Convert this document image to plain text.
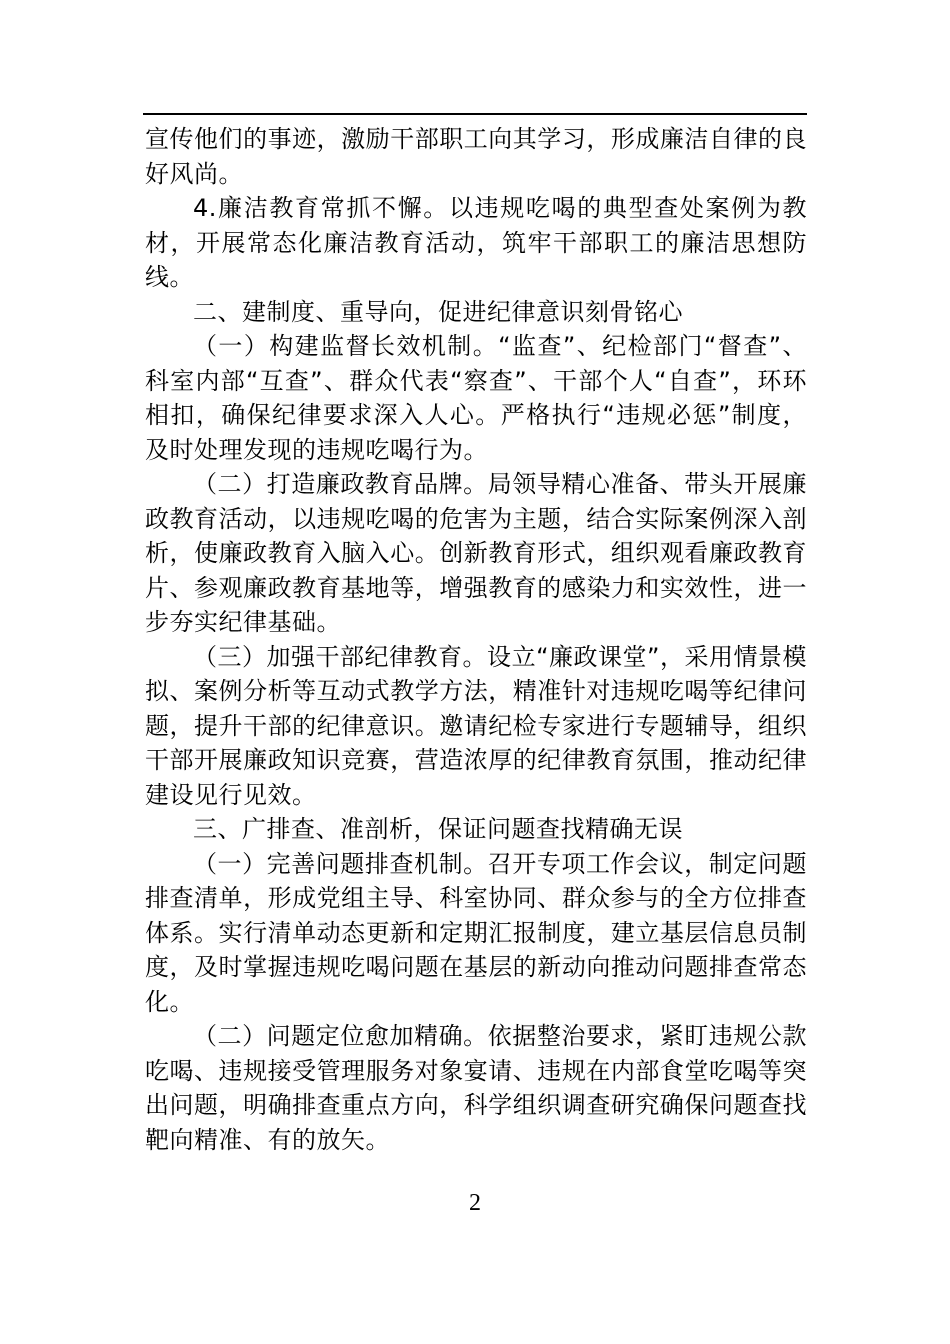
宣传他们的事迹，激励干部职工向其学习，形成廉洁自律的良好风尚。

4.廉洁教育常抓不懈。以违规吃喝的典型查处案例为教材，开展常态化廉洁教育活动，筑牢干部职工的廉洁思想防线。

二、建制度、重导向，促进纪律意识刻骨铭心

（一）构建监督长效机制。“监查”、纪检部门“督查”、科室内部“互查”、群众代表“察查”、干部个人“自查”，环环相扣，确保纪律要求深入人心。严格执行“违规必惩”制度，及时处理发现的违规吃喝行为。

（二）打造廉政教育品牌。局领导精心准备、带头开展廉政教育活动，以违规吃喝的危害为主题，结合实际案例深入剖析，使廉政教育入脑入心。创新教育形式，组织观看廉政教育片、参观廉政教育基地等，增强教育的感染力和实效性，进一步夯实纪律基础。

（三）加强干部纪律教育。设立“廉政课堂”，采用情景模拟、案例分析等互动式教学方法，精准针对违规吃喝等纪律问题，提升干部的纪律意识。邀请纪检专家进行专题辅导，组织干部开展廉政知识竞赛，营造浓厚的纪律教育氛围，推动纪律建设见行见效。

三、广排查、准剖析，保证问题查找精确无误

（一）完善问题排查机制。召开专项工作会议，制定问题排查清单，形成党组主导、科室协同、群众参与的全方位排查体系。实行清单动态更新和定期汇报制度，建立基层信息员制度，及时掌握违规吃喝问题在基层的新动向推动问题排查常态化。

（二）问题定位愈加精确。依据整治要求，紧盯违规公款吃喝、违规接受管理服务对象宴请、违规在内部食堂吃喝等突出问题，明确排查重点方向，科学组织调查研究确保问题查找靶向精准、有的放矢。

2
